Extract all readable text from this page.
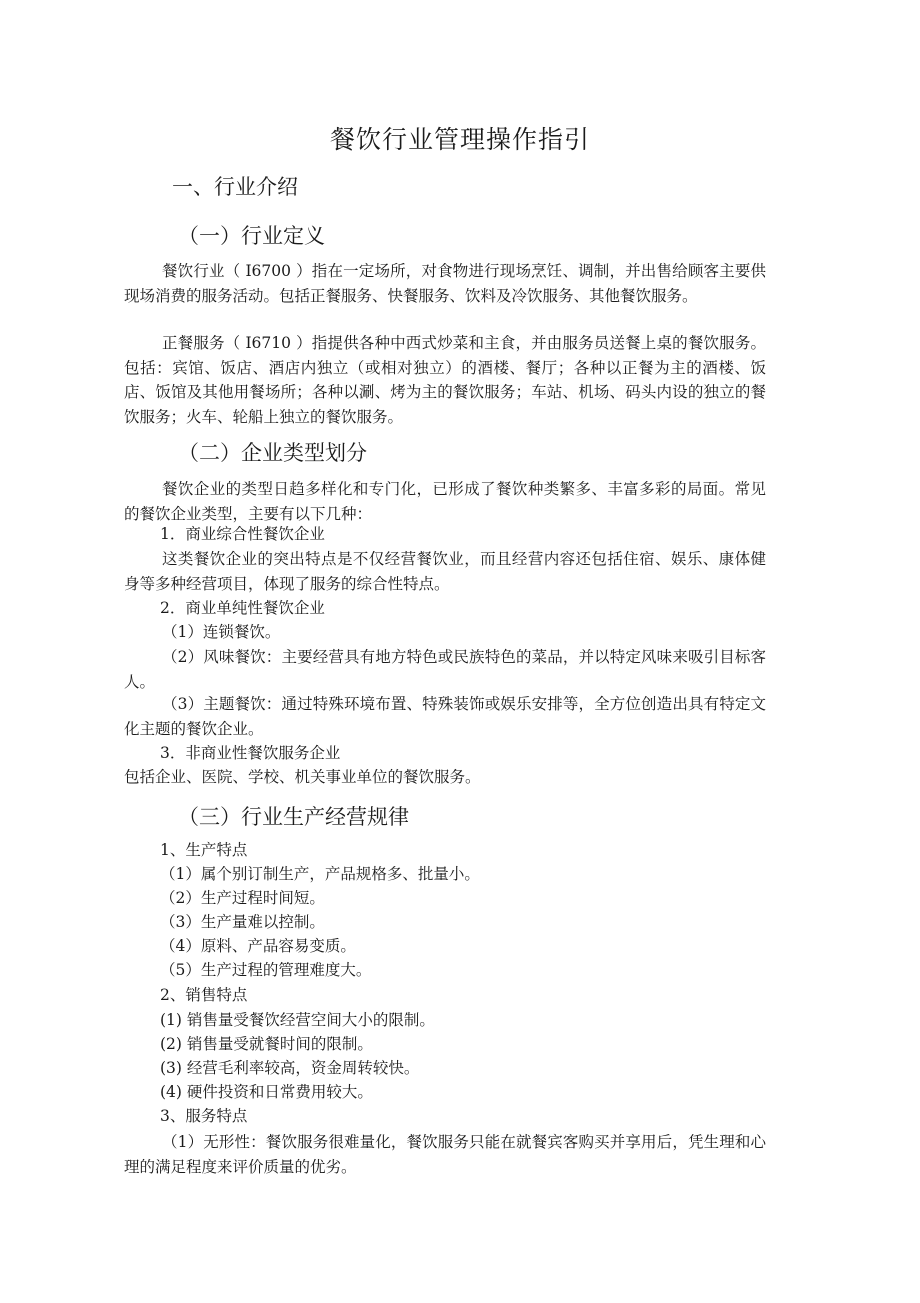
餐饮行业管理操作指引
一、行业介绍
（一）行业定义

餐饮行业（ I6700 ）指在一定场所，对食物进行现场烹饪、调制，并出售给顾客主要供现场消费的服务活动。包括正餐服务、快餐服务、饮料及冷饮服务、其他餐饮服务。

正餐服务（ I6710 ）指提供各种中西式炒菜和主食，并由服务员送餐上桌的餐饮服务。包括：宾馆、饭店、酒店内独立（或相对独立）的酒楼、餐厅；各种以正餐为主的酒楼、饭店、饭馆及其他用餐场所；各种以涮、烤为主的餐饮服务；车站、机场、码头内设的独立的餐饮服务；火车、轮船上独立的餐饮服务。

（二）企业类型划分

餐饮企业的类型日趋多样化和专门化，已形成了餐饮种类繁多、丰富多彩的局面。常见的餐饮企业类型，主要有以下几种：

1．商业综合性餐饮企业

这类餐饮企业的突出特点是不仅经营餐饮业，而且经营内容还包括住宿、娱乐、康体健身等多种经营项目，体现了服务的综合性特点。

2．商业单纯性餐饮企业

（1）连锁餐饮。

（2）风味餐饮：主要经营具有地方特色或民族特色的菜品，并以特定风味来吸引目标客人。

（3）主题餐饮：通过特殊环境布置、特殊装饰或娱乐安排等，全方位创造出具有特定文化主题的餐饮企业。

3．非商业性餐饮服务企业
包括企业、医院、学校、机关事业单位的餐饮服务。
（三）行业生产经营规律
1、生产特点
（1）属个别订制生产，产品规格多、批量小。
（2）生产过程时间短。
（3）生产量难以控制。
（4）原料、产品容易变质。
（5）生产过程的管理难度大。
2、销售特点
(1) 销售量受餐饮经营空间大小的限制。
(2) 销售量受就餐时间的限制。
(3) 经营毛利率较高，资金周转较快。
(4) 硬件投资和日常费用较大。
3、服务特点

（1）无形性：餐饮服务很难量化，餐饮服务只能在就餐宾客购买并享用后，凭生理和心理的满足程度来评价质量的优劣。
